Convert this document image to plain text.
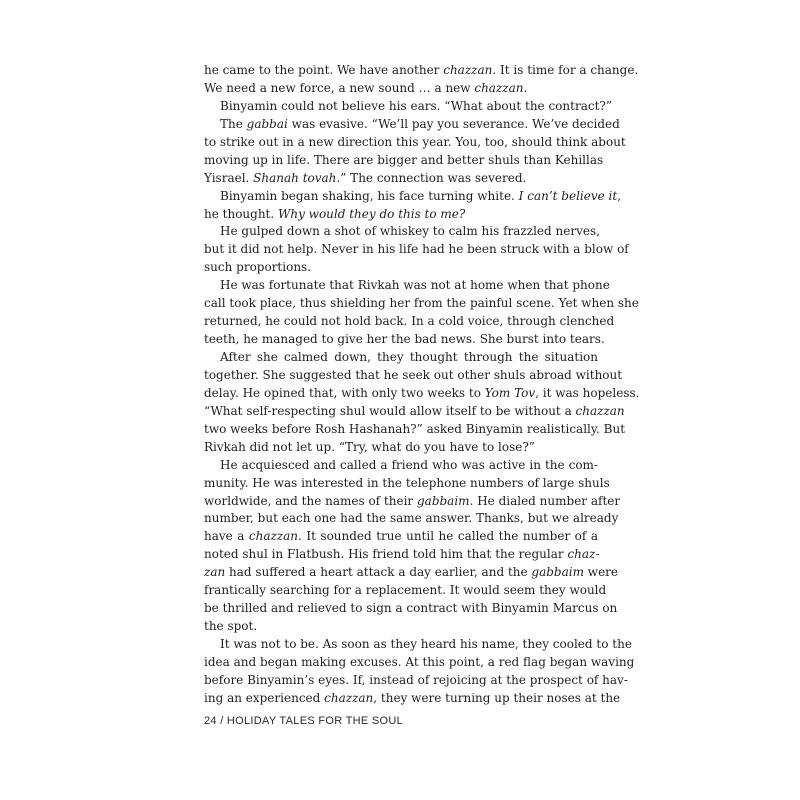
he came to the point. We have another chazzan. It is time for a change.
We need a new force, a new sound … a new chazzan.
Binyamin could not believe his ears. “What about the contract?”
The gabbai was evasive. “We’ll pay you severance. We’ve decided
to strike out in a new direction this year. You, too, should think about
moving up in life. There are bigger and better shuls than Kehillas
Yisrael. Shanah tovah.” The connection was severed.
Binyamin began shaking, his face turning white. I can’t believe it,
he thought. Why would they do this to me?
He gulped down a shot of whiskey to calm his frazzled nerves,
but it did not help. Never in his life had he been struck with a blow of
such proportions.
He was fortunate that Rivkah was not at home when that phone
call took place, thus shielding her from the painful scene. Yet when she
returned, he could not hold back. In a cold voice, through clenched
teeth, he managed to give her the bad news. She burst into tears.
After she calmed down, they thought through the situation
together. She suggested that he seek out other shuls abroad without
delay. He opined that, with only two weeks to Yom Tov, it was hopeless.
“What self-respecting shul would allow itself to be without a chazzan
two weeks before Rosh Hashanah?” asked Binyamin realistically. But
Rivkah did not let up. “Try, what do you have to lose?”
He acquiesced and called a friend who was active in the com-
munity. He was interested in the telephone numbers of large shuls
worldwide, and the names of their gabbaim. He dialed number after
number, but each one had the same answer. Thanks, but we already
have a chazzan. It sounded true until he called the number of a
noted shul in Flatbush. His friend told him that the regular chaz-
zan had suffered a heart attack a day earlier, and the gabbaim were
frantically searching for a replacement. It would seem they would
be thrilled and relieved to sign a contract with Binyamin Marcus on
the spot.
It was not to be. As soon as they heard his name, they cooled to the
idea and began making excuses. At this point, a red flag began waving
before Binyamin’s eyes. If, instead of rejoicing at the prospect of hav-
ing an experienced chazzan, they were turning up their noses at the
24 / HOLIDAY TALES FOR THE SOUL
